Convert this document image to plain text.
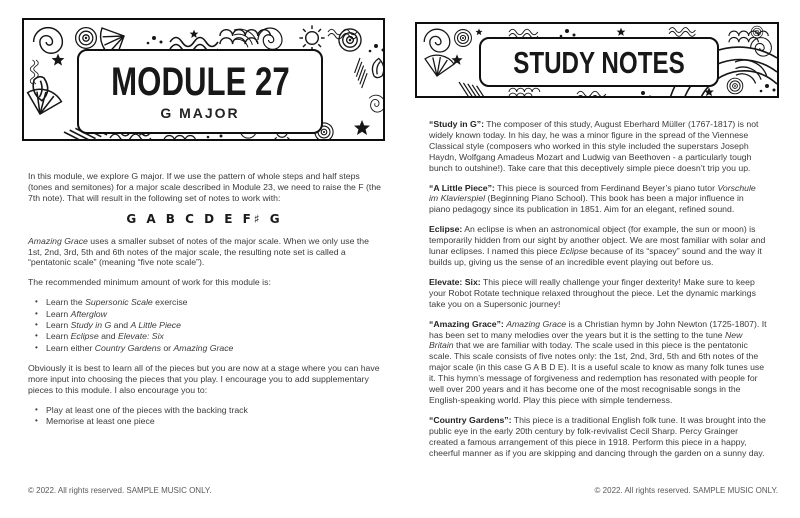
MODULE 27
G MAJOR

In this module, we explore G major. If we use the pattern of whole steps and half steps (tones and semitones) for a major scale described in Module 23, we need to raise the F (the 7th note). That will result in the following set of notes to work with:

G A B C D E F♯ G

Amazing Grace uses a smaller subset of notes of the major scale. When we only use the 1st, 2nd, 3rd, 5th and 6th notes of the major scale, the resulting note set is called a “pentatonic scale” (meaning “five note scale”).

The recommended minimum amount of work for this module is:

• Learn the Supersonic Scale exercise
• Learn Afterglow
• Learn Study in G and A Little Piece
• Learn Eclipse and Elevate: Six
• Learn either Country Gardens or Amazing Grace

Obviously it is best to learn all of the pieces but you are now at a stage where you can have more input into choosing the pieces that you play. I encourage you to add supplementary pieces to this module. I also encourage you to:

• Play at least one of the pieces with the backing track
• Memorise at least one piece
© 2022. All rights reserved. SAMPLE MUSIC ONLY.
STUDY NOTES

“Study in G”: The composer of this study, August Eberhard Müller (1767-1817) is not widely known today. In his day, he was a minor figure in the spread of the Viennese Classical style (composers who worked in this style included the superstars Joseph Haydn, Wolfgang Amadeus Mozart and Ludwig van Beethoven - a particularly tough bunch to outshine!). Take care that this deceptively simple piece doesn’t trip you up.

“A Little Piece”: This piece is sourced from Ferdinand Beyer’s piano tutor Vorschule im Klavierspiel (Beginning Piano School). This book has been a major influence in piano pedagogy since its publication in 1851. Aim for an elegant, refined sound.

Eclipse: An eclipse is when an astronomical object (for example, the sun or moon) is temporarily hidden from our sight by another object. We are most familiar with solar and lunar eclipses. I named this piece Eclipse because of its “spacey” sound and the way it builds up, giving us the sense of an incredible event playing out before us.

Elevate: Six: This piece will really challenge your finger dexterity! Make sure to keep your Robot Rotate technique relaxed throughout the piece. Let the dynamic markings take you on a Supersonic journey!

“Amazing Grace”: Amazing Grace is a Christian hymn by John Newton (1725-1807). It has been set to many melodies over the years but it is the setting to the tune New Britain that we are familiar with today. The scale used in this piece is the pentatonic scale. This scale consists of five notes only: the 1st, 2nd, 3rd, 5th and 6th notes of the major scale (in this case G A B D E). It is a useful scale to know as many folk tunes use it. This hymn’s message of forgiveness and redemption has resonated with people for well over 200 years and it has become one of the most recognisable songs in the English-speaking world. Play this piece with simple tenderness.

“Country Gardens”: This piece is a traditional English folk tune. It was brought into the public eye in the early 20th century by folk-revivalist Cecil Sharp. Percy Grainger created a famous arrangement of this piece in 1918. Perform this piece in a happy, cheerful manner as if you are skipping and dancing through the garden on a sunny day.

© 2022. All rights reserved. SAMPLE MUSIC ONLY.
